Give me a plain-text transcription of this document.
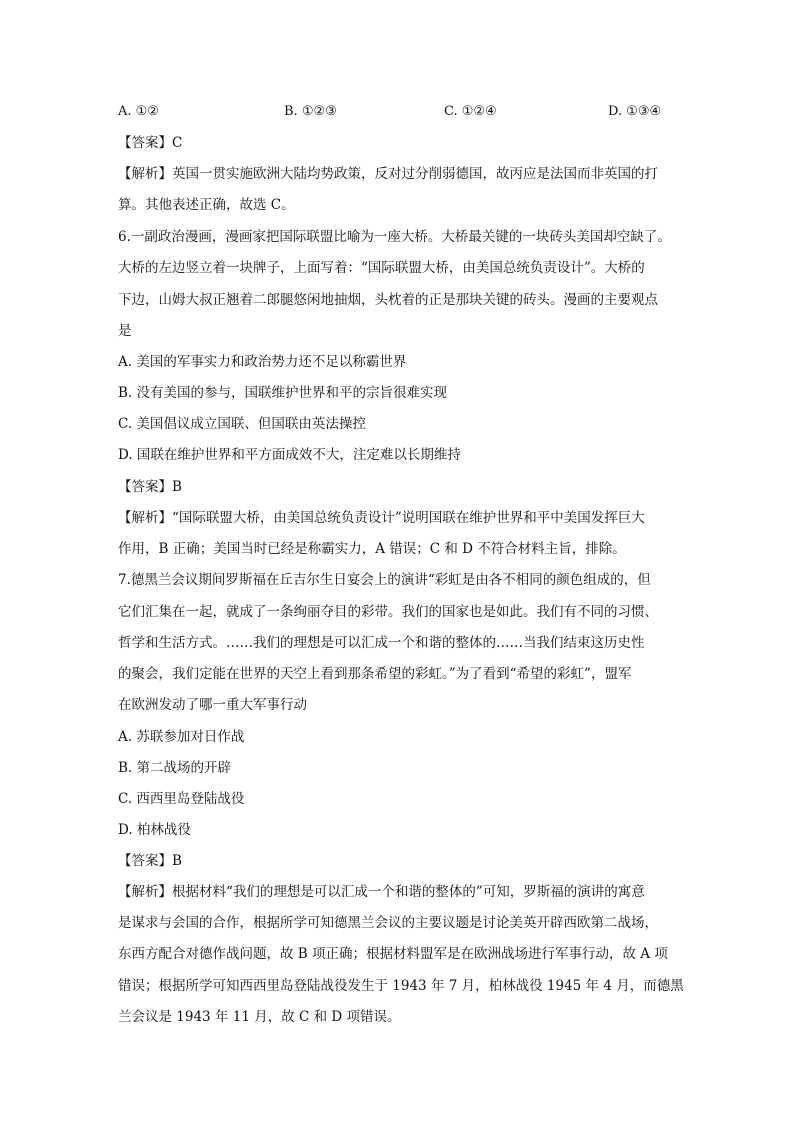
A. ①②	B. ①②③	C. ①②④	D. ①③④
【答案】C
【解析】英国一贯实施欧洲大陆均势政策，反对过分削弱德国，故丙应是法国而非英国的打
算。其他表述正确，故选 C。
6.一副政治漫画，漫画家把国际联盟比喻为一座大桥。大桥最关键的一块砖头美国却空缺了。
大桥的左边竖立着一块牌子，上面写着：“国际联盟大桥，由美国总统负责设计”。大桥的
下边，山姆大叔正翘着二郎腿悠闲地抽烟，头枕着的正是那块关键的砖头。漫画的主要观点
是
A. 美国的军事实力和政治势力还不足以称霸世界
B. 没有美国的参与，国联维护世界和平的宗旨很难实现
C. 美国倡议成立国联、但国联由英法操控
D. 国联在维护世界和平方面成效不大，注定难以长期维持
【答案】B
【解析】“国际联盟大桥，由美国总统负责设计”说明国联在维护世界和平中美国发挥巨大
作用，B 正确；美国当时已经是称霸实力，A 错误；C 和 D 不符合材料主旨，排除。
7.德黑兰会议期间罗斯福在丘吉尔生日宴会上的演讲“彩虹是由各不相同的颜色组成的，但
它们汇集在一起，就成了一条绚丽夺目的彩带。我们的国家也是如此。我们有不同的习惯、
哲学和生活方式。……我们的理想是可以汇成一个和谐的整体的……当我们结束这历史性
的聚会，我们定能在世界的天空上看到那条希望的彩虹。”为了看到“希望的彩虹”，盟军
在欧洲发动了哪一重大军事行动
A. 苏联参加对日作战
B. 第二战场的开辟
C. 西西里岛登陆战役
D. 柏林战役
【答案】B
【解析】根据材料“我们的理想是可以汇成一个和谐的整体的”可知，罗斯福的演讲的寓意
是谋求与会国的合作，根据所学可知德黑兰会议的主要议题是讨论美英开辟西欧第二战场，
东西方配合对德作战问题，故 B 项正确；根据材料盟军是在欧洲战场进行军事行动，故 A 项
错误；根据所学可知西西里岛登陆战役发生于 1943 年 7 月，柏林战役 1945 年 4 月，而德黑
兰会议是 1943 年 11 月，故 C 和 D 项错误。
